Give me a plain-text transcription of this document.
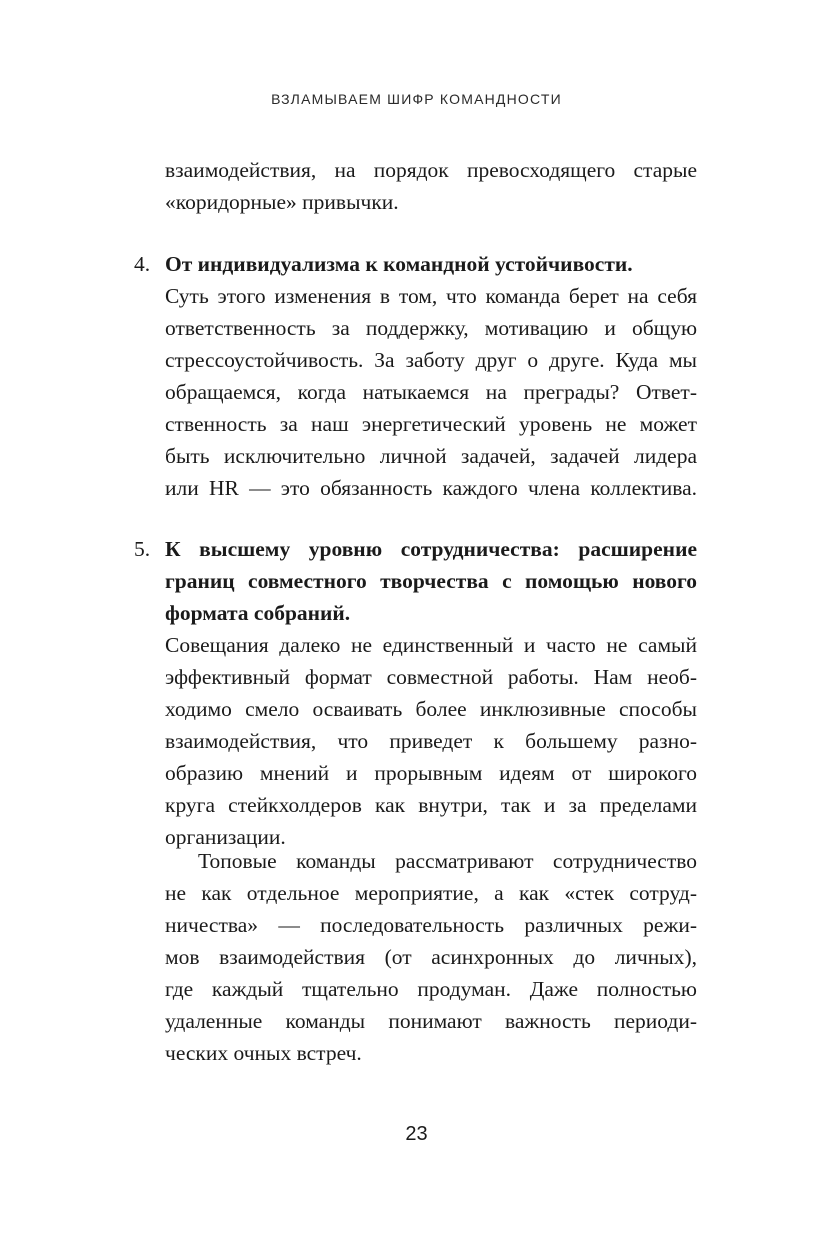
ВЗЛАМЫВАЕМ ШИФР КОМАНДНОСТИ
взаимодействия, на порядок превосходящего старые
«коридорные» привычки.
4. От индивидуализма к командной устойчивости.
Суть этого изменения в том, что команда берет на себя
ответственность за поддержку, мотивацию и общую
стрессоустойчивость. За заботу друг о друге. Куда мы
обращаемся, когда натыкаемся на преграды? Ответ-
ственность за наш энергетический уровень не может
быть исключительно личной задачей, задачей лидера
или HR — это обязанность каждого члена коллектива.
5. К высшему уровню сотрудничества: расширение
границ совместного творчества с помощью нового
формата собраний.
Совещания далеко не единственный и часто не самый
эффективный формат совместной работы. Нам необ-
ходимо смело осваивать более инклюзивные способы
взаимодействия, что приведет к большему разно-
образию мнений и прорывным идеям от широкого
круга стейкхолдеров как внутри, так и за пределами
организации.
Топовые команды рассматривают сотрудничество
не как отдельное мероприятие, а как «стек сотруд-
ничества» — последовательность различных режи-
мов взаимодействия (от асинхронных до личных),
где каждый тщательно продуман. Даже полностью
удаленные команды понимают важность периоди-
ческих очных встреч.
23
